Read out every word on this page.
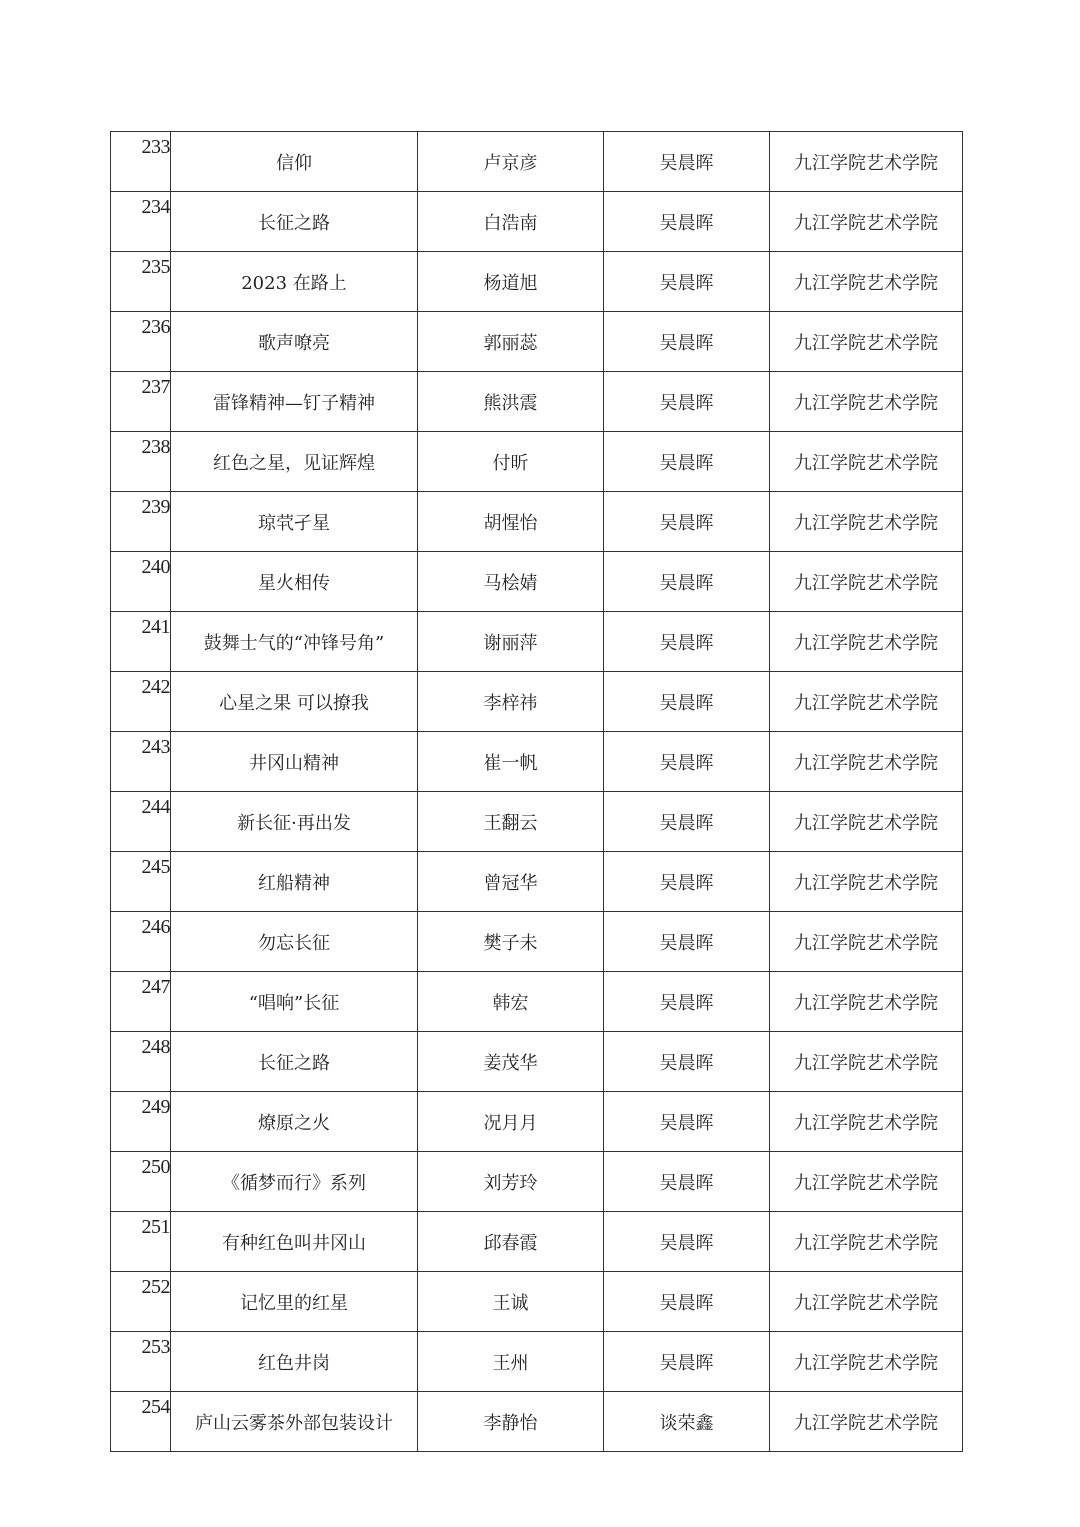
233	信仰	卢京彦	吴晨晖	九江学院艺术学院
234	长征之路	白浩南	吴晨晖	九江学院艺术学院
235	2023 在路上	杨道旭	吴晨晖	九江学院艺术学院
236	歌声嘹亮	郭丽蕊	吴晨晖	九江学院艺术学院
237	雷锋精神—钉子精神	熊洪震	吴晨晖	九江学院艺术学院
238	红色之星，见证辉煌	付昕	吴晨晖	九江学院艺术学院
239	琼茕孑星	胡惺怡	吴晨晖	九江学院艺术学院
240	星火相传	马桧婧	吴晨晖	九江学院艺术学院
241	鼓舞士气的“冲锋号角”	谢丽萍	吴晨晖	九江学院艺术学院
242	心星之果 可以撩我	李梓祎	吴晨晖	九江学院艺术学院
243	井冈山精神	崔一帆	吴晨晖	九江学院艺术学院
244	新长征·再出发	王翻云	吴晨晖	九江学院艺术学院
245	红船精神	曾冠华	吴晨晖	九江学院艺术学院
246	勿忘长征	樊子未	吴晨晖	九江学院艺术学院
247	“唱响”长征	韩宏	吴晨晖	九江学院艺术学院
248	长征之路	姜茂华	吴晨晖	九江学院艺术学院
249	燎原之火	况月月	吴晨晖	九江学院艺术学院
250	《循梦而行》系列	刘芳玲	吴晨晖	九江学院艺术学院
251	有种红色叫井冈山	邱春霞	吴晨晖	九江学院艺术学院
252	记忆里的红星	王诚	吴晨晖	九江学院艺术学院
253	红色井岗	王州	吴晨晖	九江学院艺术学院
254	庐山云雾茶外部包装设计	李静怡	谈荣鑫	九江学院艺术学院
